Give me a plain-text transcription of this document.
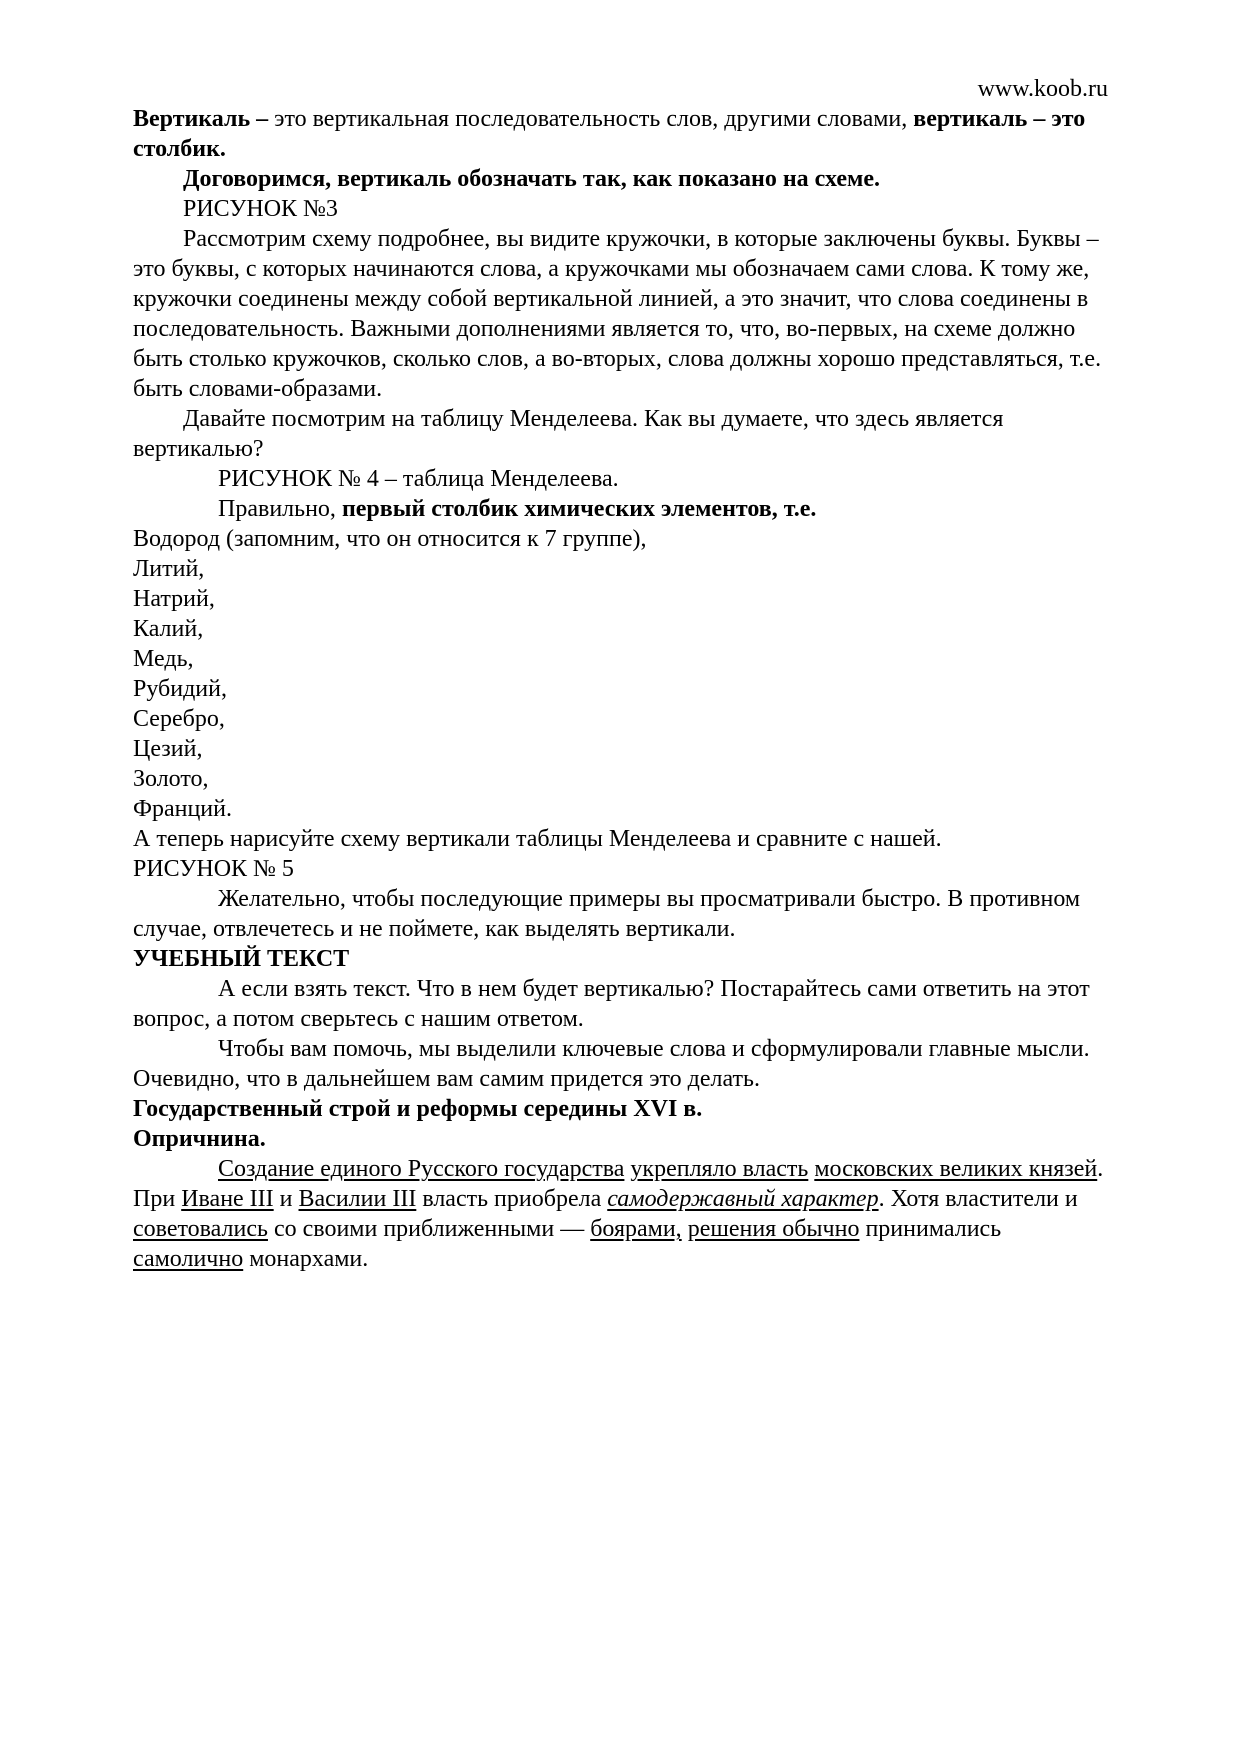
www.koob.ru

Вертикаль – это вертикальная последовательность слов, другими словами, вертикаль – это столбик.

Договоримся, вертикаль обозначать так, как показано на схеме.

РИСУНОК №3

Рассмотрим схему подробнее, вы видите кружочки, в которые заключены буквы. Буквы – это буквы, с которых начинаются слова, а кружочками мы обозначаем сами слова. К тому же, кружочки соединены между собой вертикальной линией, а это значит, что слова соединены в последовательность. Важными дополнениями является то, что, во-первых, на схеме должно быть столько кружочков, сколько слов, а во-вторых, слова должны хорошо представляться, т.е. быть словами-образами.

Давайте посмотрим на таблицу Менделеева. Как вы думаете, что здесь является вертикалью?

РИСУНОК № 4 – таблица Менделеева.

Правильно, первый столбик химических элементов, т.е.

Водород (запомним, что он относится к 7 группе),

Литий,

Натрий,

Калий,

Медь,

Рубидий,

Серебро,

Цезий,

Золото,

Франций.

А теперь нарисуйте схему вертикали таблицы Менделеева и сравните с нашей.

РИСУНОК № 5

Желательно, чтобы последующие примеры вы просматривали быстро. В противном случае, отвлечетесь и не поймете, как выделять вертикали.

УЧЕБНЫЙ ТЕКСТ

А если взять текст. Что в нем будет вертикалью? Постарайтесь сами ответить на этот вопрос, а потом сверьтесь с нашим ответом.

Чтобы вам помочь, мы выделили ключевые слова и сформулировали главные мысли. Очевидно, что в дальнейшем вам самим придется это делать.

Государственный строй и реформы середины XVI в.

Опричнина.

Создание единого Русского государства укрепляло власть московских великих князей. При Иване III и Василии III власть приобрела самодержавный характер. Хотя властители и советовались со своими приближенными — боярами, решения обычно принимались самолично монархами.
